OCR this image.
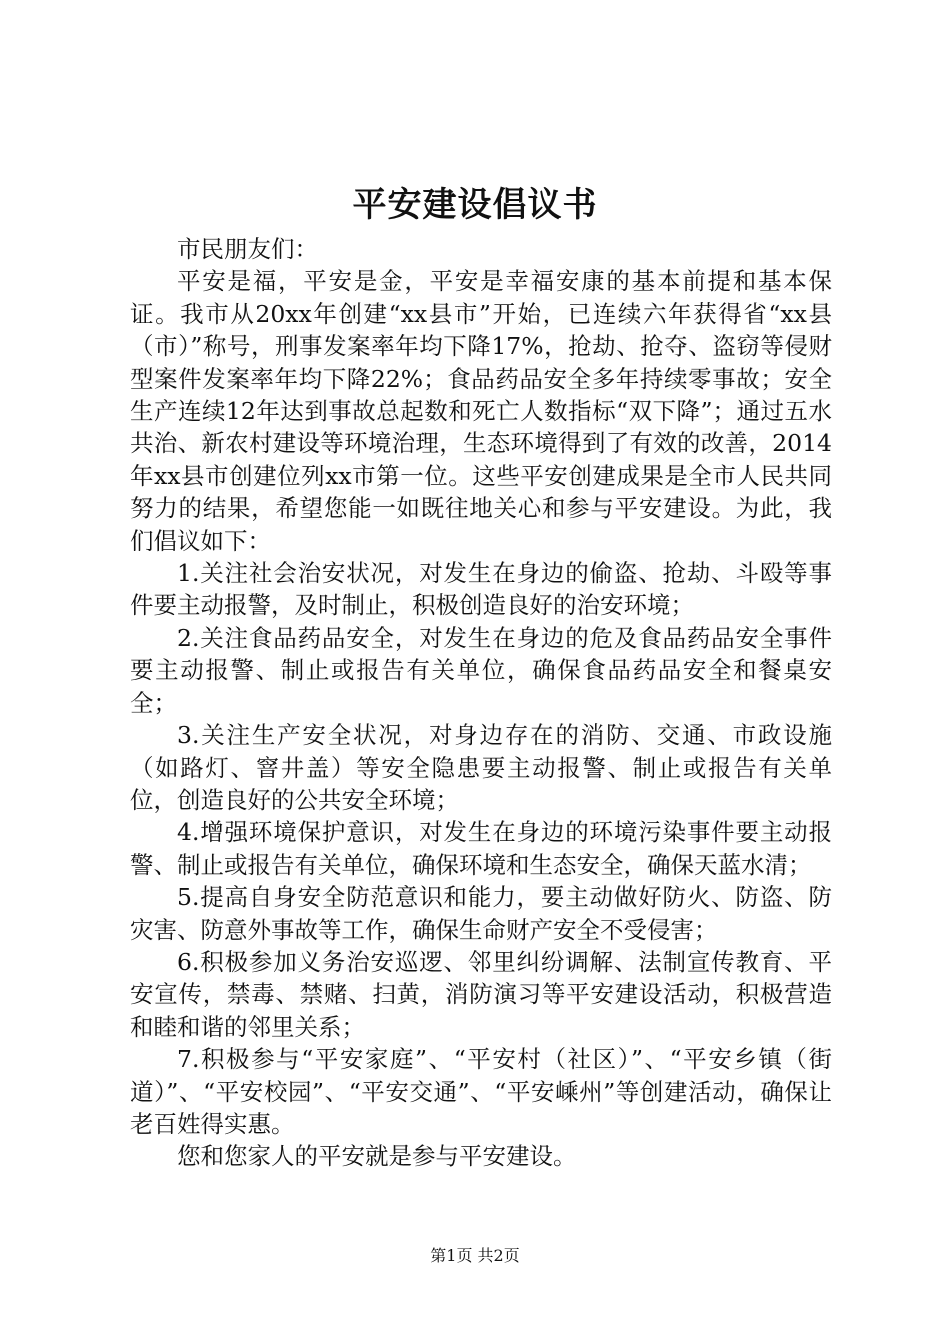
平安建设倡议书

市民朋友们：

平安是福，平安是金，平安是幸福安康的基本前提和基本保证。我市从20xx年创建“xx县市”开始，已连续六年获得省“xx县（市）”称号，刑事发案率年均下降17%，抢劫、抢夺、盗窃等侵财型案件发案率年均下降22%；食品药品安全多年持续零事故；安全生产连续12年达到事故总起数和死亡人数指标“双下降”；通过五水共治、新农村建设等环境治理，生态环境得到了有效的改善，2014年xx县市创建位列xx市第一位。这些平安创建成果是全市人民共同努力的结果，希望您能一如既往地关心和参与平安建设。为此，我们倡议如下：

1.关注社会治安状况，对发生在身边的偷盗、抢劫、斗殴等事件要主动报警，及时制止，积极创造良好的治安环境；

2.关注食品药品安全，对发生在身边的危及食品药品安全事件要主动报警、制止或报告有关单位，确保食品药品安全和餐桌安全；

3.关注生产安全状况，对身边存在的消防、交通、市政设施（如路灯、窨井盖）等安全隐患要主动报警、制止或报告有关单位，创造良好的公共安全环境；

4.增强环境保护意识，对发生在身边的环境污染事件要主动报警、制止或报告有关单位，确保环境和生态安全，确保天蓝水清；

5.提高自身安全防范意识和能力，要主动做好防火、防盗、防灾害、防意外事故等工作，确保生命财产安全不受侵害；

6.积极参加义务治安巡逻、邻里纠纷调解、法制宣传教育、平安宣传，禁毒、禁赌、扫黄，消防演习等平安建设活动，积极营造和睦和谐的邻里关系；

7.积极参与“平安家庭”、“平安村（社区）”、“平安乡镇（街道）”、“平安校园”、“平安交通”、“平安嵊州”等创建活动，确保让老百姓得实惠。

您和您家人的平安就是参与平安建设。

第1页 共2页
